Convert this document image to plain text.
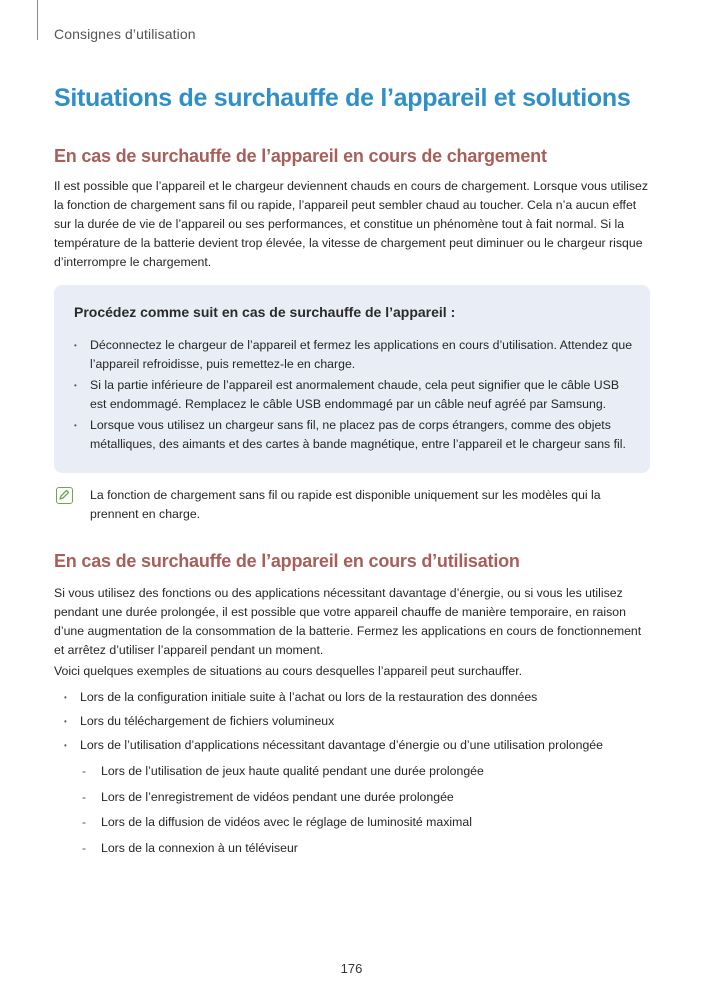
Consignes d’utilisation
Situations de surchauffe de l’appareil et solutions
En cas de surchauffe de l’appareil en cours de chargement

Il est possible que l’appareil et le chargeur deviennent chauds en cours de chargement. Lorsque vous utilisez la fonction de chargement sans fil ou rapide, l’appareil peut sembler chaud au toucher. Cela n’a aucun effet sur la durée de vie de l’appareil ou ses performances, et constitue un phénomène tout à fait normal. Si la température de la batterie devient trop élevée, la vitesse de chargement peut diminuer ou le chargeur risque d’interrompre le chargement.

Procédez comme suit en cas de surchauffe de l’appareil :
• Déconnectez le chargeur de l’appareil et fermez les applications en cours d’utilisation. Attendez que l’appareil refroidisse, puis remettez-le en charge.
• Si la partie inférieure de l’appareil est anormalement chaude, cela peut signifier que le câble USB est endommagé. Remplacez le câble USB endommagé par un câble neuf agréé par Samsung.
• Lorsque vous utilisez un chargeur sans fil, ne placez pas de corps étrangers, comme des objets métalliques, des aimants et des cartes à bande magnétique, entre l’appareil et le chargeur sans fil.

La fonction de chargement sans fil ou rapide est disponible uniquement sur les modèles qui la prennent en charge.

En cas de surchauffe de l’appareil en cours d’utilisation

Si vous utilisez des fonctions ou des applications nécessitant davantage d’énergie, ou si vous les utilisez pendant une durée prolongée, il est possible que votre appareil chauffe de manière temporaire, en raison d’une augmentation de la consommation de la batterie. Fermez les applications en cours de fonctionnement et arrêtez d’utiliser l’appareil pendant un moment.

Voici quelques exemples de situations au cours desquelles l’appareil peut surchauffer.

• Lors de la configuration initiale suite à l’achat ou lors de la restauration des données
• Lors du téléchargement de fichiers volumineux
• Lors de l’utilisation d’applications nécessitant davantage d’énergie ou d’une utilisation prolongée
- Lors de l’utilisation de jeux haute qualité pendant une durée prolongée
- Lors de l’enregistrement de vidéos pendant une durée prolongée
- Lors de la diffusion de vidéos avec le réglage de luminosité maximal
- Lors de la connexion à un téléviseur
176
